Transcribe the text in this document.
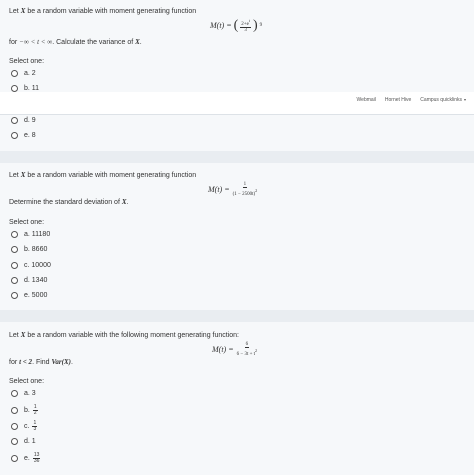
Let X be a random variable with moment generating function
M(t) = ( $\frac{2+e^t}{3}$ ) 9
for −∞ < t < ∞. Calculate the variance of X.
Select one:
a. 2
b. 11
d. 9
e. 8
Webmail Hornet Hive Campus quicklinks ▾
Let X be a random variable with moment generating function
$M(t) = \frac{1}{(1 - 2500t)^2}$
Determine the standard deviation of X.
Select one:
a. 11180
b. 8660
c. 10000
d. 1340
e. 5000
Let X be a random variable with the following moment generating function:
$M(t) = \frac{6}{6 - 3t + t^2}$
for t < 2. Find Var(X).
Select one:
a. 3
b. $\frac{1}{2}$
c. $\frac{1}{3}$
d. 1
e. $\frac{13}{36}$
